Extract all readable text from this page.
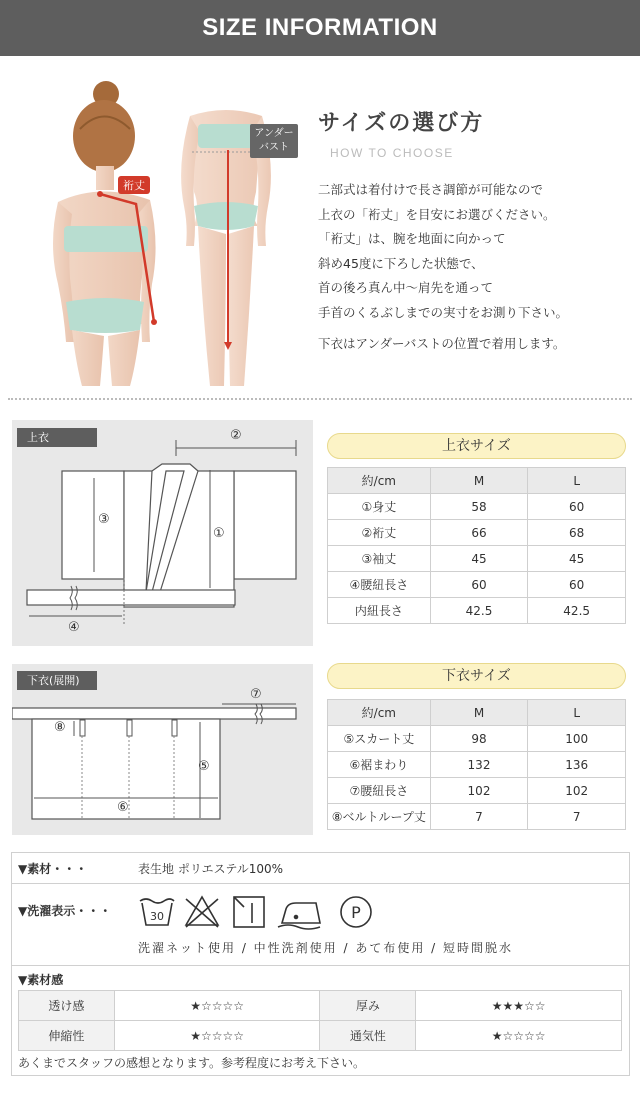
SIZE INFORMATION
裄丈
アンダー
バスト
サイズの選び方
HOW TO CHOOSE

二部式は着付けで長さ調節が可能なので

上衣の「裄丈」を目安にお選びください。

「裄丈」は、腕を地面に向かって

斜め45度に下ろした状態で、

首の後ろ真ん中〜肩先を通って

手首のくるぶしまでの実寸をお測り下さい。

下衣はアンダーバストの位置で着用します。
上衣	②
③
①
④
上衣サイズ
約/cm	M	L
①身丈	58	60
②裄丈	66	68
③袖丈	45	45
④腰紐長さ	60	60
内紐長さ	42.5	42.5
下衣(展開)
⑦
⑧
⑤
⑥
下衣サイズ
約/cm	M	L
⑤スカート丈	98	100
⑥裾まわり	132	136
⑦腰紐長さ	102	102
⑧ベルトループ丈	7	7
▼素材・・・	表生地 ポリエステル100%
▼洗濯表示・・・	30	P
洗濯ネット使用 / 中性洗剤使用 / あて布使用 / 短時間脱水
▼素材感
透け感	★☆☆☆☆	厚み	★★★☆☆
伸縮性	★☆☆☆☆	通気性	★☆☆☆☆
あくまでスタッフの感想となります。参考程度にお考え下さい。
